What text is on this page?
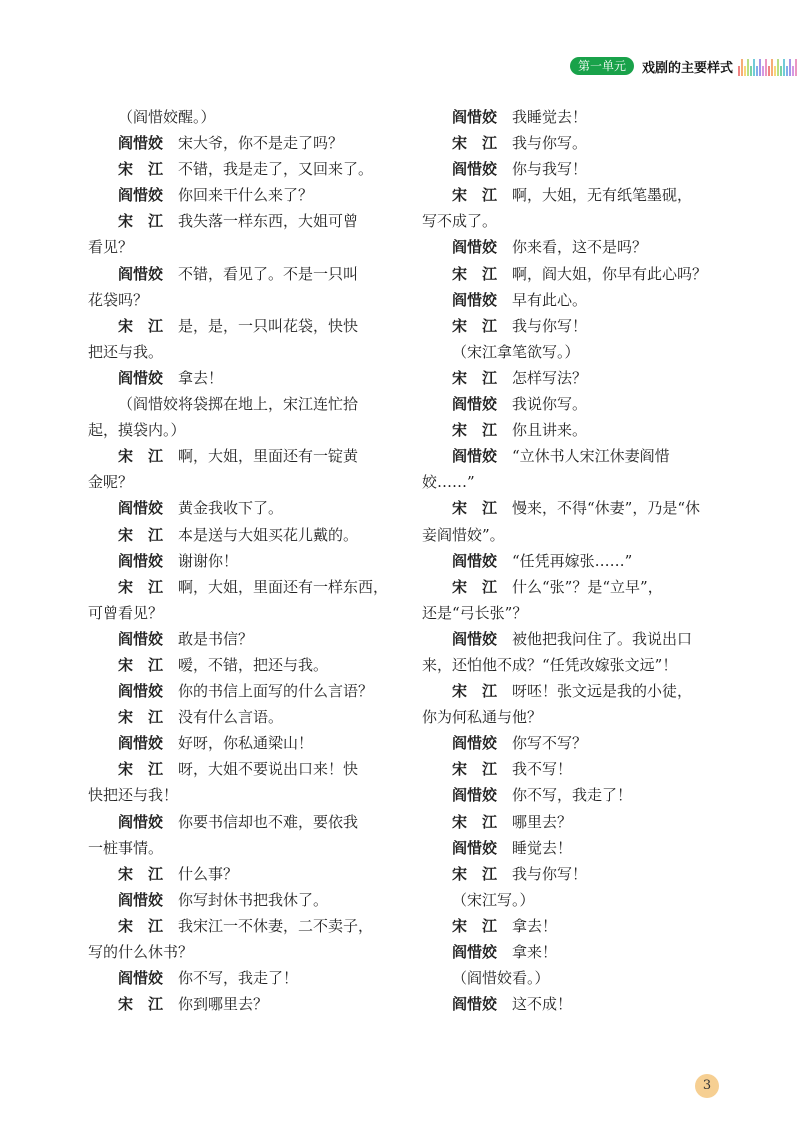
第一单元	戏剧的主要样式
（阎惜姣醒。）
阎惜姣  宋大爷，你不是走了吗？
宋　江  不错，我是走了，又回来了。
阎惜姣  你回来干什么来了？
宋　江  我失落一样东西，大姐可曾
看见？
阎惜姣  不错，看见了。不是一只叫
花袋吗？
宋　江  是，是，一只叫花袋，快快
把还与我。
阎惜姣  拿去！
（阎惜姣将袋掷在地上，宋江连忙拾
起，摸袋内。）
宋　江  啊，大姐，里面还有一锭黄
金呢？
阎惜姣  黄金我收下了。
宋　江  本是送与大姐买花儿戴的。
阎惜姣  谢谢你！
宋　江  啊，大姐，里面还有一样东西，
可曾看见？
阎惜姣  敢是书信？
宋　江  嗳，不错，把还与我。
阎惜姣  你的书信上面写的什么言语？
宋　江  没有什么言语。
阎惜姣  好呀，你私通梁山！
宋　江  呀，大姐不要说出口来！快
快把还与我！
阎惜姣  你要书信却也不难，要依我
一桩事情。
宋　江  什么事？
阎惜姣  你写封休书把我休了。
宋　江  我宋江一不休妻，二不卖子，
写的什么休书？
阎惜姣  你不写，我走了！
宋　江  你到哪里去？
阎惜姣  我睡觉去！
宋　江  我与你写。
阎惜姣  你与我写！
宋　江  啊，大姐，无有纸笔墨砚，
写不成了。
阎惜姣  你来看，这不是吗？
宋　江  啊，阎大姐，你早有此心吗？
阎惜姣  早有此心。
宋　江  我与你写！
（宋江拿笔欲写。）
宋　江  怎样写法？
阎惜姣  我说你写。
宋　江  你且讲来。
阎惜姣  “立休书人宋江休妻阎惜
姣……”
宋　江  慢来，不得“休妻”，乃是“休
妾阎惜姣”。
阎惜姣  “任凭再嫁张……”
宋　江  什么“张”？是“立早”，
还是“弓长张”？
阎惜姣  被他把我问住了。我说出口
来，还怕他不成？“任凭改嫁张文远”！
宋　江  呀呸！张文远是我的小徒，
你为何私通与他？
阎惜姣  你写不写？
宋　江  我不写！
阎惜姣  你不写，我走了！
宋　江  哪里去？
阎惜姣  睡觉去！
宋　江  我与你写！
（宋江写。）
宋　江  拿去！
阎惜姣  拿来！
（阎惜姣看。）
阎惜姣  这不成！
3
